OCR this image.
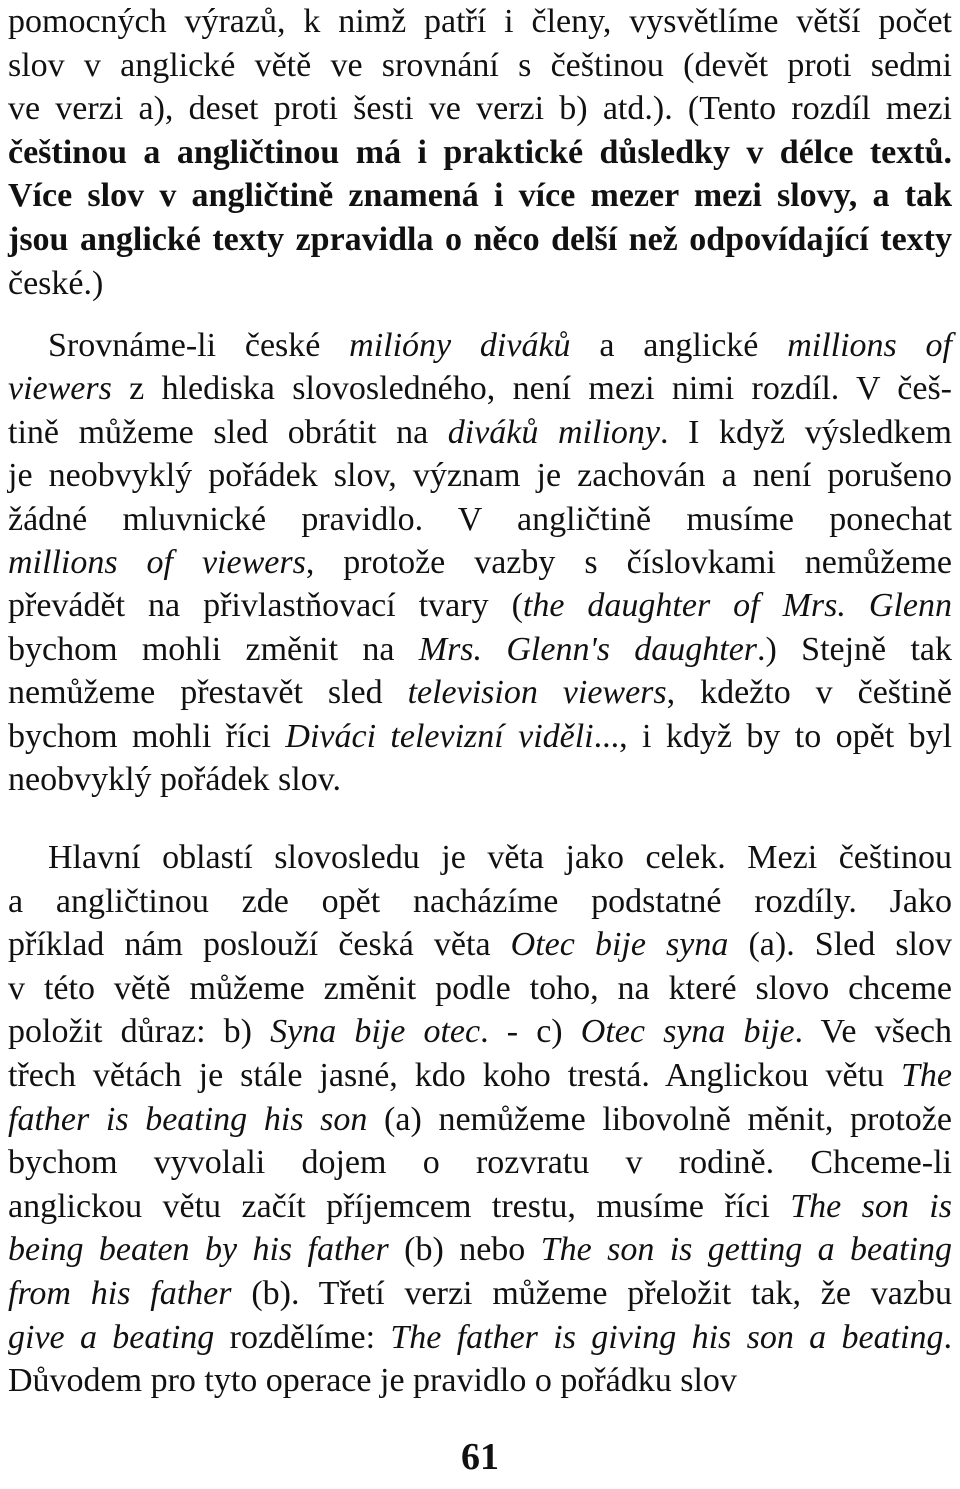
pomocných výrazů, k nimž patří i členy, vysvětlíme větší počet
slov v anglické větě ve srovnání s češtinou (devět proti sedmi
ve verzi a), deset proti šesti ve verzi b) atd.). (Tento rozdíl mezi
češtinou a angličtinou má i praktické důsledky v délce textů.
Více slov v angličtině znamená i více mezer mezi slovy, a tak
jsou anglické texty zpravidla o něco delší než odpovídající texty
české.)
Srovnáme-li české milióny diváků a anglické millions of
viewers z hlediska slovosledného, není mezi nimi rozdíl. V češ-
tině můžeme sled obrátit na diváků miliony. I když výsledkem
je neobvyklý pořádek slov, význam je zachován a není porušeno
žádné mluvnické pravidlo. V angličtině musíme ponechat
millions of viewers, protože vazby s číslovkami nemůžeme
převádět na přivlastňovací tvary (the daughter of Mrs. Glenn
bychom mohli změnit na Mrs. Glenn's daughter.) Stejně tak
nemůžeme přestavět sled television viewers, kdežto v češtině
bychom mohli říci Diváci televizní viděli..., i když by to opět byl
neobvyklý pořádek slov.
Hlavní oblastí slovosledu je věta jako celek. Mezi češtinou
a angličtinou zde opět nacházíme podstatné rozdíly. Jako
příklad nám poslouží česká věta Otec bije syna (a). Sled slov
v této větě můžeme změnit podle toho, na které slovo chceme
položit důraz: b) Syna bije otec. - c) Otec syna bije. Ve všech
třech větách je stále jasné, kdo koho trestá. Anglickou větu The
father is beating his son (a) nemůžeme libovolně měnit, protože
bychom vyvolali dojem o rozvratu v rodině. Chceme-li
anglickou větu začít příjemcem trestu, musíme říci The son is
being beaten by his father (b) nebo The son is getting a beating
from his father (b). Třetí verzi můžeme přeložit tak, že vazbu
give a beating rozdělíme: The father is giving his son a beating.
Důvodem pro tyto operace je pravidlo o pořádku slov
61
